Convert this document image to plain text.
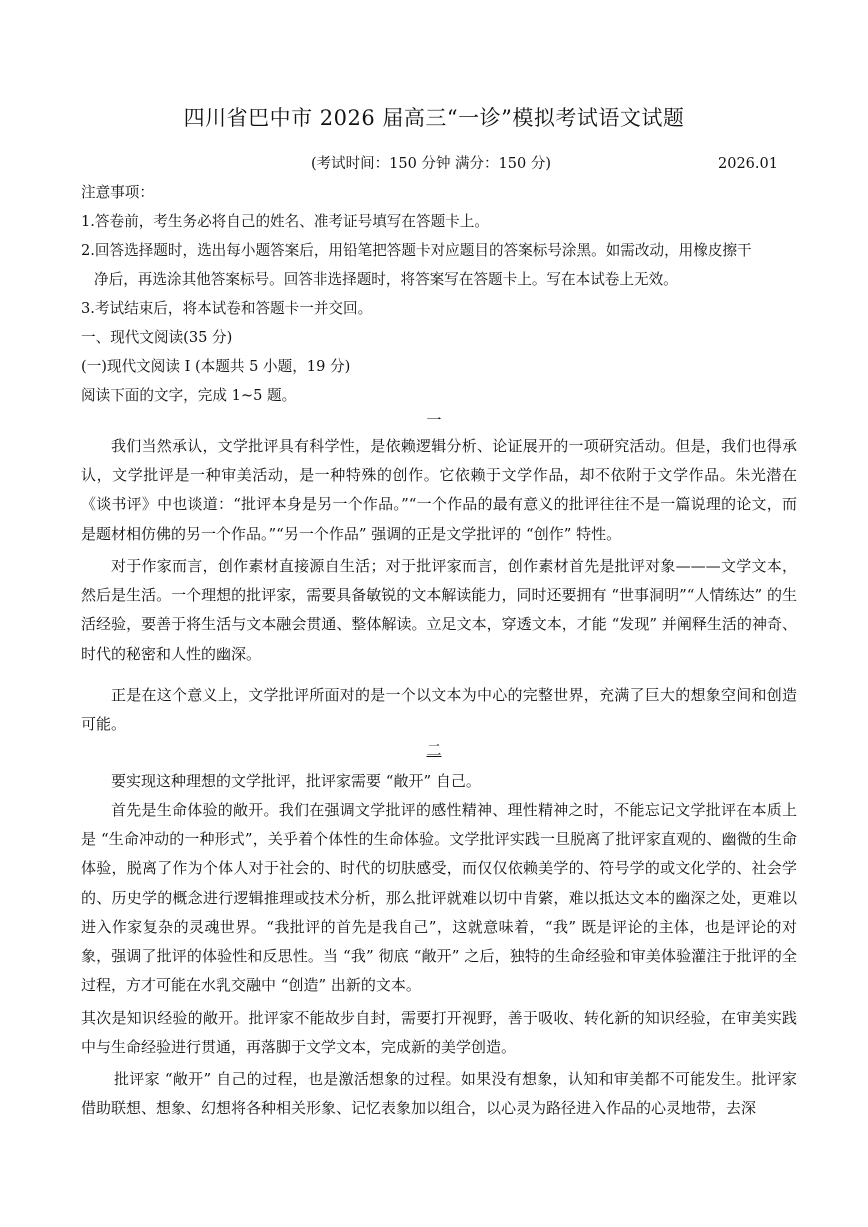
四川省巴中市 2026 届高三“一诊”模拟考试语文试题
(考试时间：150 分钟 满分：150 分)	2026.01
注意事项：
1.答卷前，考生务必将自己的姓名、准考证号填写在答题卡上。
2.回答选择题时，选出每小题答案后，用铅笔把答题卡对应题目的答案标号涂黑。如需改动，用橡皮擦干
净后，再选涂其他答案标号。回答非选择题时，将答案写在答题卡上。写在本试卷上无效。
3.考试结束后，将本试卷和答题卡一并交回。
一、现代文阅读(35 分)
(一)现代文阅读 I (本题共 5 小题，19 分)
阅读下面的文字，完成 1~5 题。
一

我们当然承认，文学批评具有科学性，是依赖逻辑分析、论证展开的一项研究活动。但是，我们也得承认，文学批评是一种审美活动，是一种特殊的创作。它依赖于文学作品，却不依附于文学作品。朱光潜在《谈书评》中也谈道：“批评本身是另一个作品。”“一个作品的最有意义的批评往往不是一篇说理的论文，而是题材相仿佛的另一个作品。”“另一个作品” 强调的正是文学批评的 “创作” 特性。

对于作家而言，创作素材直接源自生活；对于批评家而言，创作素材首先是批评对象———文学文本，然后是生活。一个理想的批评家，需要具备敏锐的文本解读能力，同时还要拥有 “世事洞明”“人情练达” 的生活经验，要善于将生活与文本融会贯通、整体解读。立足文本，穿透文本，才能 “发现” 并阐释生活的神奇、时代的秘密和人性的幽深。

正是在这个意义上，文学批评所面对的是一个以文本为中心的完整世界，充满了巨大的想象空间和创造可能。

二

要实现这种理想的文学批评，批评家需要 “敞开” 自己。

首先是生命体验的敞开。我们在强调文学批评的感性精神、理性精神之时，不能忘记文学批评在本质上是 “生命冲动的一种形式”，关乎着个体性的生命体验。文学批评实践一旦脱离了批评家直观的、幽微的生命体验，脱离了作为个体人对于社会的、时代的切肤感受，而仅仅依赖美学的、符号学的或文化学的、社会学的、历史学的概念进行逻辑推理或技术分析，那么批评就难以切中肯綮，难以抵达文本的幽深之处，更难以进入作家复杂的灵魂世界。“我批评的首先是我自己”，这就意味着，“我” 既是评论的主体，也是评论的对象，强调了批评的体验性和反思性。当 “我” 彻底 “敞开” 之后，独特的生命经验和审美体验灌注于批评的全过程，方才可能在水乳交融中 “创造” 出新的文本。

其次是知识经验的敞开。批评家不能故步自封，需要打开视野，善于吸收、转化新的知识经验，在审美实践中与生命经验进行贯通，再落脚于文学文本，完成新的美学创造。

批评家 “敞开” 自己的过程，也是激活想象的过程。如果没有想象，认知和审美都不可能发生。批评家借助联想、想象、幻想将各种相关形象、记忆表象加以组合，以心灵为路径进入作品的心灵地带，去深
